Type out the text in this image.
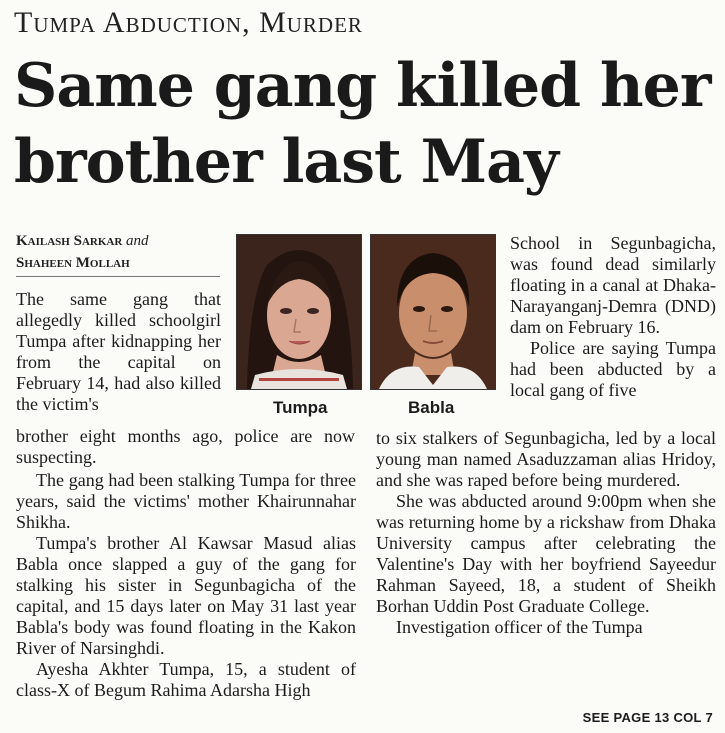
Tumpa Abduction, Murder
Same gang killed her brother last May
Kailash Sarkar and
Shaheen Mollah
Tumpa	Babla
The same gang that allegedly killed schoolgirl Tumpa after kidnapping her from the capital on February 14, had also killed the victim's
brother eight months ago, police are now suspecting.

The gang had been stalking Tumpa for three years, said the victims' mother Khairunnahar Shikha.

Tumpa's brother Al Kawsar Masud alias Babla once slapped a guy of the gang for stalking his sister in Segunbagicha of the capital, and 15 days later on May 31 last year Babla's body was found floating in the Kakon River of Narsinghdi.

Ayesha Akhter Tumpa, 15, a student of class-X of Begum Rahima Adarsha High

School in Segunbagicha, was found dead similarly floating in a canal at Dhaka-Narayanganj-Demra (DND) dam on February 16.

Police are saying Tumpa had been abducted by a local gang of five

to six stalkers of Segunbagicha, led by a local young man named Asaduzzaman alias Hridoy, and she was raped before being murdered.

She was abducted around 9:00pm when she was returning home by a rickshaw from Dhaka University campus after celebrating the Valentine's Day with her boyfriend Sayeedur Rahman Sayeed, 18, a student of Sheikh Borhan Uddin Post Graduate College.

Investigation officer of the Tumpa

SEE PAGE 13 COL 7
